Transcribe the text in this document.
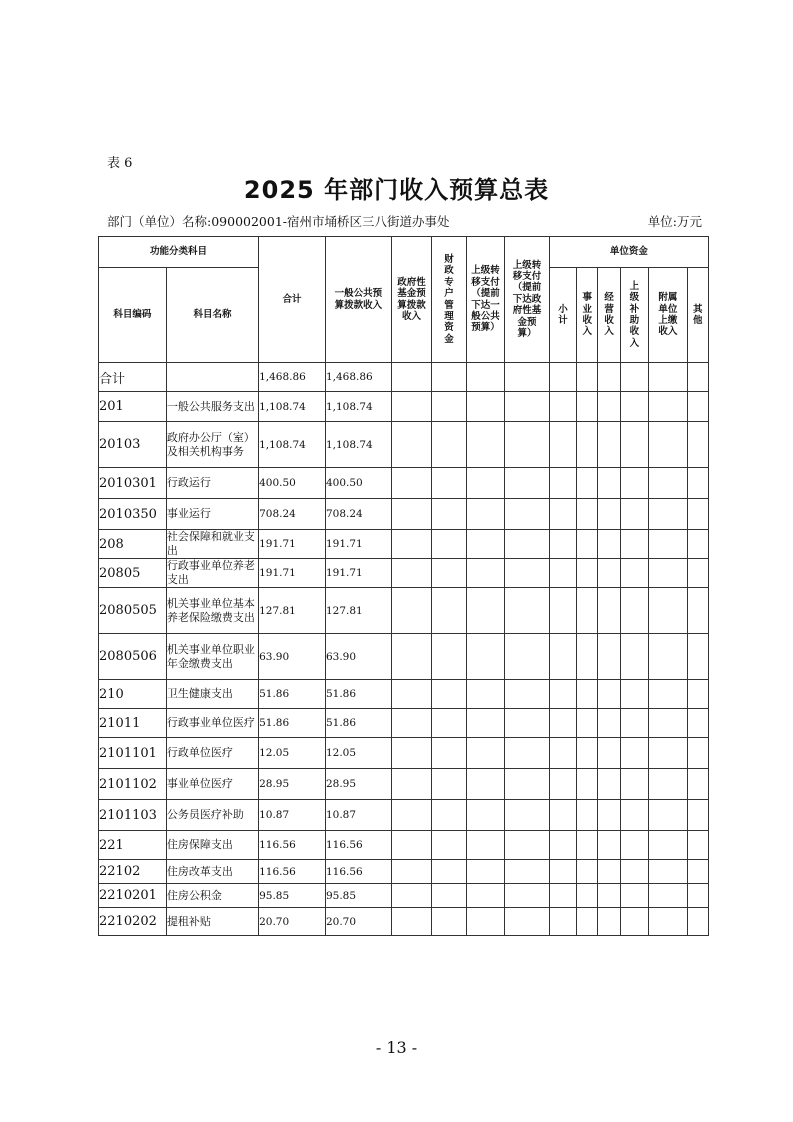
表 6
2025 年部门收入预算总表
部门（单位）名称:090002001-宿州市埇桥区三八街道办事处	单位:万元
功能分类科目		合计	一般公共预算拨款收入	政府性基金预算拨款收入	财政专户管理资金	上级转移支付（提前下达一般公共预算）	上级转移支付（提前下达政府性基金预算）	单位资金					
科目编码	科目名称							小计	事业收入	经营收入	上级补助收入	附属单位上缴收入	其他

合计		1,468.86	1,468.86										
201	一般公共服务支出	1,108.74	1,108.74										
20103	政府办公厅（室）及相关机构事务	1,108.74	1,108.74										
2010301	行政运行	400.50	400.50										
2010350	事业运行	708.24	708.24										
208	社会保障和就业支出	191.71	191.71										
20805	行政事业单位养老支出	191.71	191.71										
2080505	机关事业单位基本养老保险缴费支出	127.81	127.81										
2080506	机关事业单位职业年金缴费支出	63.90	63.90										
210	卫生健康支出	51.86	51.86										
21011	行政事业单位医疗	51.86	51.86										
2101101	行政单位医疗	12.05	12.05										
2101102	事业单位医疗	28.95	28.95										
2101103	公务员医疗补助	10.87	10.87										
221	住房保障支出	116.56	116.56										
22102	住房改革支出	116.56	116.56										
2210201	住房公积金	95.85	95.85										
2210202	提租补贴	20.70	20.70										
- 13 -
